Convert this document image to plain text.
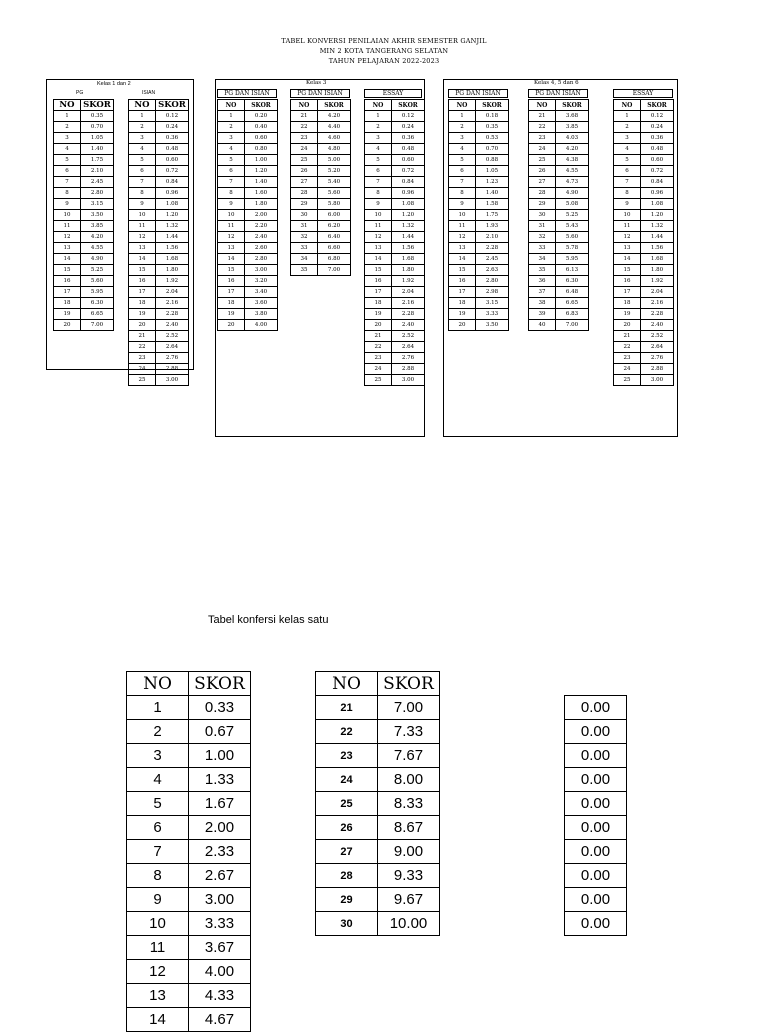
TABEL KONVERSI PENILAIAN AKHIR SEMESTER GANJIL
MIN 2 KOTA TANGERANG SELATAN
TAHUN PELAJARAN 2022-2023
Kelas 1 dan 2
PG	ISIAN
NO	SKOR
1	0.35
2	0.70
3	1.05
4	1.40
5	1.75
6	2.10
7	2.45
8	2.80
9	3.15
10	3.50
11	3.85
12	4.20
13	4.55
14	4.90
15	5.25
16	5.60
17	5.95
18	6.30
19	6.65
20	7.00
NO	SKOR
1	0.12
2	0.24
3	0.36
4	0.48
5	0.60
6	0.72
7	0.84
8	0.96
9	1.08
10	1.20
11	1.32
12	1.44
13	1.56
14	1.68
15	1.80
16	1.92
17	2.04
18	2.16
19	2.28
20	2.40
21	2.52
22	2.64
23	2.76
24	2.88
25	3.00
Kelas 3
PG DAN ISIAN	PG DAN ISIAN	ESSAY
NO	SKOR
1	0.20
2	0.40
3	0.60
4	0.80
5	1.00
6	1.20
7	1.40
8	1.60
9	1.80
10	2.00
11	2.20
12	2.40
13	2.60
14	2.80
15	3.00
16	3.20
17	3.40
18	3.60
19	3.80
20	4.00
NO	SKOR
21	4.20
22	4.40
23	4.60
24	4.80
25	5.00
26	5.20
27	5.40
28	5.60
29	5.80
30	6.00
31	6.20
32	6.40
33	6.60
34	6.80
35	7.00
NO	SKOR
1	0.12
2	0.24
3	0.36
4	0.48
5	0.60
6	0.72
7	0.84
8	0.96
9	1.08
10	1.20
11	1.32
12	1.44
13	1.56
14	1.68
15	1.80
16	1.92
17	2.04
18	2.16
19	2.28
20	2.40
21	2.52
22	2.64
23	2.76
24	2.88
25	3.00
Kelas 4, 5 dan 6
PG DAN ISIAN	PG DAN ISIAN	ESSAY
NO	SKOR
1	0.18
2	0.35
3	0.53
4	0.70
5	0.88
6	1.05
7	1.23
8	1.40
9	1.58
10	1.75
11	1.93
12	2.10
13	2.28
14	2.45
15	2.63
16	2.80
17	2.98
18	3.15
19	3.33
20	3.50
NO	SKOR
21	3.68
22	3.85
23	4.03
24	4.20
25	4.38
26	4.55
27	4.73
28	4.90
29	5.08
30	5.25
31	5.43
32	5.60
33	5.78
34	5.95
35	6.13
36	6.30
37	6.48
38	6.65
39	6.83
40	7.00
NO	SKOR
1	0.12
2	0.24
3	0.36
4	0.48
5	0.60
6	0.72
7	0.84
8	0.96
9	1.08
10	1.20
11	1.32
12	1.44
13	1.56
14	1.68
15	1.80
16	1.92
17	2.04
18	2.16
19	2.28
20	2.40
21	2.52
22	2.64
23	2.76
24	2.88
25	3.00
Tabel konfersi kelas satu
NO	SKOR
1	0.33
2	0.67
3	1.00
4	1.33
5	1.67
6	2.00
7	2.33
8	2.67
9	3.00
10	3.33
11	3.67
12	4.00
13	4.33
14	4.67
NO	SKOR
21	7.00
22	7.33
23	7.67
24	8.00
25	8.33
26	8.67
27	9.00
28	9.33
29	9.67
30	10.00
0.00
0.00
0.00
0.00
0.00
0.00
0.00
0.00
0.00
0.00
